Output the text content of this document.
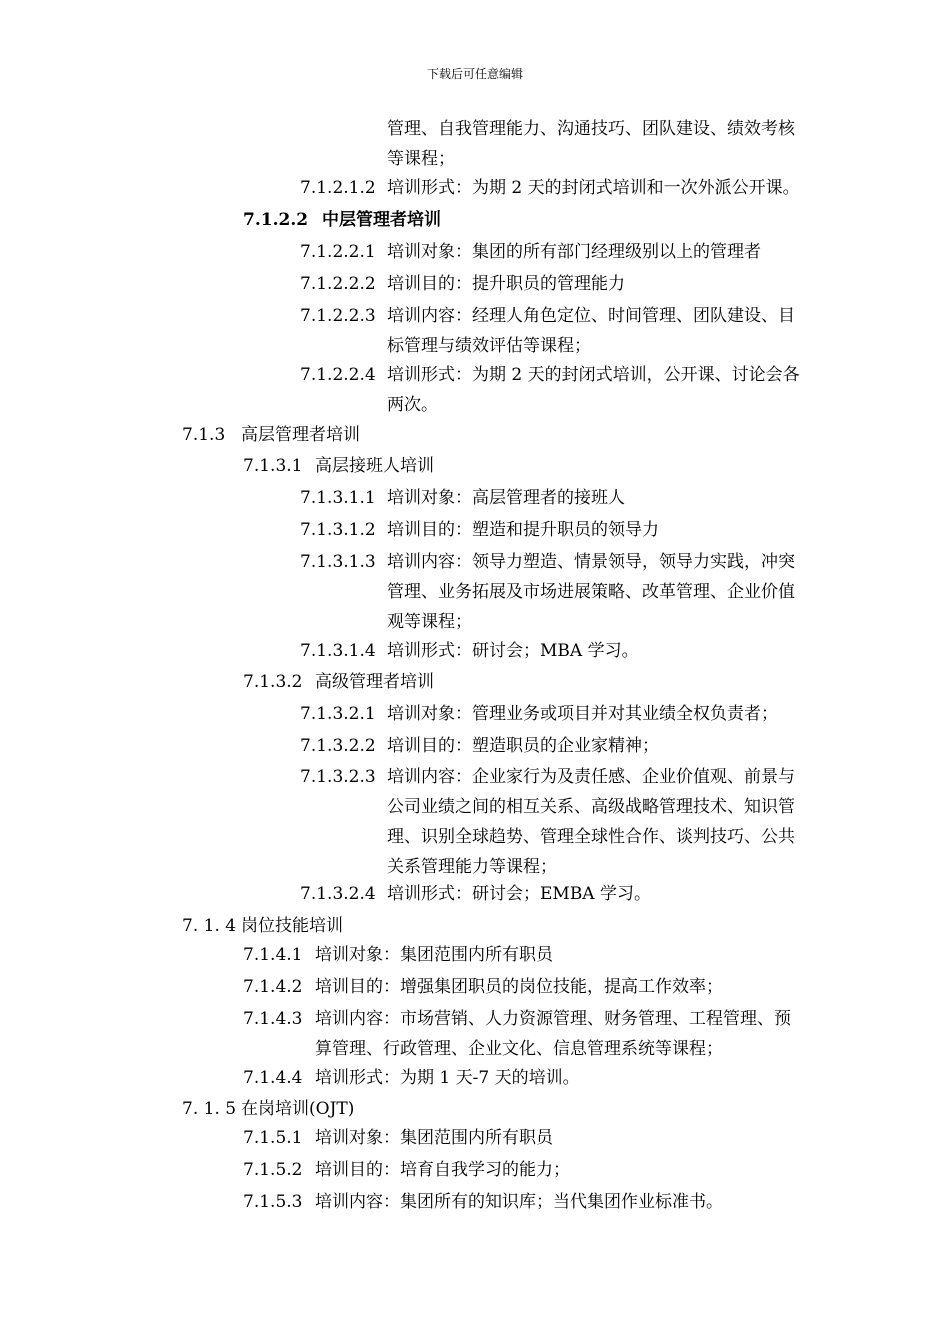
下载后可任意编辑
管理、自我管理能力、沟通技巧、团队建设、绩效考核
等课程；
7.1.2.1.2 培训形式：为期 2 天的封闭式培训和一次外派公开课。
7.1.2.2 中层管理者培训
7.1.2.2.1 培训对象：集团的所有部门经理级别以上的管理者
7.1.2.2.2 培训目的：提升职员的管理能力
7.1.2.2.3 培训内容：经理人角色定位、时间管理、团队建设、目
标管理与绩效评估等课程；
7.1.2.2.4 培训形式：为期 2 天的封闭式培训，公开课、讨论会各
两次。
7.1.3 高层管理者培训
7.1.3.1 高层接班人培训
7.1.3.1.1 培训对象：高层管理者的接班人
7.1.3.1.2 培训目的：塑造和提升职员的领导力
7.1.3.1.3 培训内容：领导力塑造、情景领导，领导力实践，冲突
管理、业务拓展及市场进展策略、改革管理、企业价值
观等课程；
7.1.3.1.4 培训形式：研讨会；MBA 学习。
7.1.3.2 高级管理者培训
7.1.3.2.1 培训对象：管理业务或项目并对其业绩全权负责者；
7.1.3.2.2 培训目的：塑造职员的企业家精神；
7.1.3.2.3 培训内容：企业家行为及责任感、企业价值观、前景与
公司业绩之间的相互关系、高级战略管理技术、知识管
理、识别全球趋势、管理全球性合作、谈判技巧、公共
关系管理能力等课程；
7.1.3.2.4 培训形式：研讨会；EMBA 学习。
7. 1. 4 岗位技能培训
7.1.4.1 培训对象：集团范围内所有职员
7.1.4.2 培训目的：增强集团职员的岗位技能，提高工作效率；
7.1.4.3 培训内容：市场营销、人力资源管理、财务管理、工程管理、预
算管理、行政管理、企业文化、信息管理系统等课程；
7.1.4.4 培训形式：为期 1 天-7 天的培训。
7. 1. 5 在岗培训(OJT)
7.1.5.1 培训对象：集团范围内所有职员
7.1.5.2 培训目的：培育自我学习的能力；
7.1.5.3 培训内容：集团所有的知识库；当代集团作业标准书。
